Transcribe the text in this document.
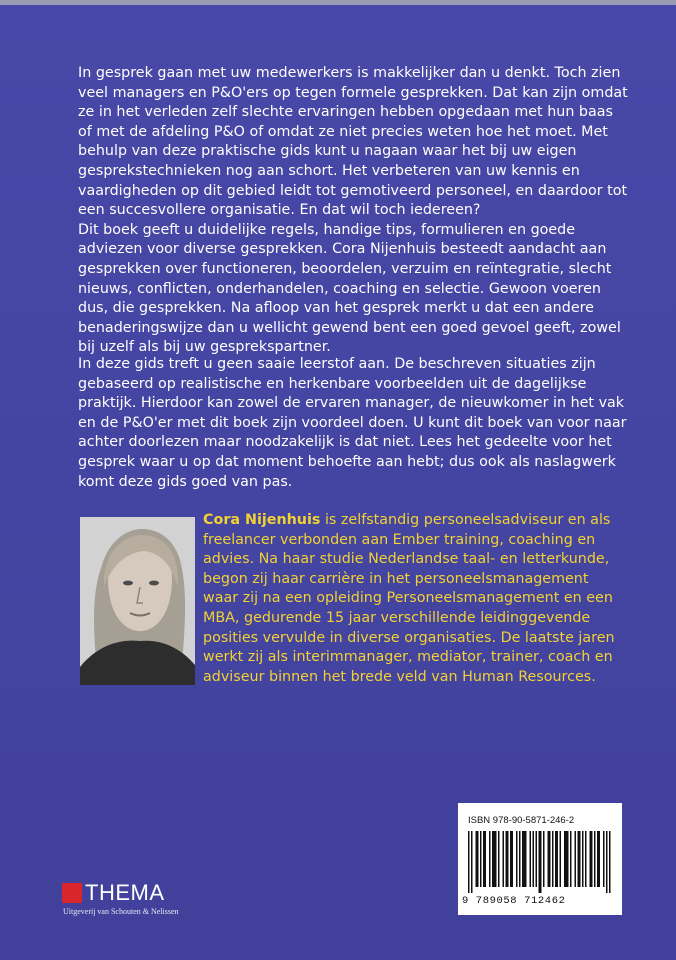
In gesprek gaan met uw medewerkers is makkelijker dan u denkt. Toch zien veel managers en P&O'ers op tegen formele gesprekken. Dat kan zijn omdat ze in het verleden zelf slechte ervaringen hebben opgedaan met hun baas of met de afdeling P&O of omdat ze niet precies weten hoe het moet. Met behulp van deze praktische gids kunt u nagaan waar het bij uw eigen gesprekstechnieken nog aan schort. Het verbeteren van uw kennis en vaardigheden op dit gebied leidt tot gemotiveerd personeel, en daardoor tot een succesvollere organisatie. En dat wil toch iedereen?

Dit boek geeft u duidelijke regels, handige tips, formulieren en goede adviezen voor diverse gesprekken. Cora Nijenhuis besteedt aandacht aan gesprekken over functioneren, beoordelen, verzuim en reïntegratie, slecht nieuws, conflicten, onderhandelen, coaching en selectie. Gewoon voeren dus, die gesprekken. Na afloop van het gesprek merkt u dat een andere benaderingswijze dan u wellicht gewend bent een goed gevoel geeft, zowel bij uzelf als bij uw gesprekspartner.

In deze gids treft u geen saaie leerstof aan. De beschreven situaties zijn gebaseerd op realistische en herkenbare voorbeelden uit de dagelijkse praktijk. Hierdoor kan zowel de ervaren manager, de nieuwkomer in het vak en de P&O'er met dit boek zijn voordeel doen. U kunt dit boek van voor naar achter doorlezen maar noodzakelijk is dat niet. Lees het gedeelte voor het gesprek waar u op dat moment behoefte aan hebt; dus ook als naslagwerk komt deze gids goed van pas.

Cora Nijenhuis is zelfstandig personeelsadviseur en als freelancer verbonden aan Ember training, coaching en advies. Na haar studie Nederlandse taal- en letterkunde, begon zij haar carrière in het personeelsmanagement waar zij na een opleiding Personeelsmanagement en een MBA, gedurende 15 jaar verschillende leidinggevende posities vervulde in diverse organisaties. De laatste jaren werkt zij als interimmanager, mediator, trainer, coach en adviseur binnen het brede veld van Human Resources.

THEMA
Uitgeverij van Schouten & Nelissen
ISBN 978-90-5871-246-2
9 789058 712462
